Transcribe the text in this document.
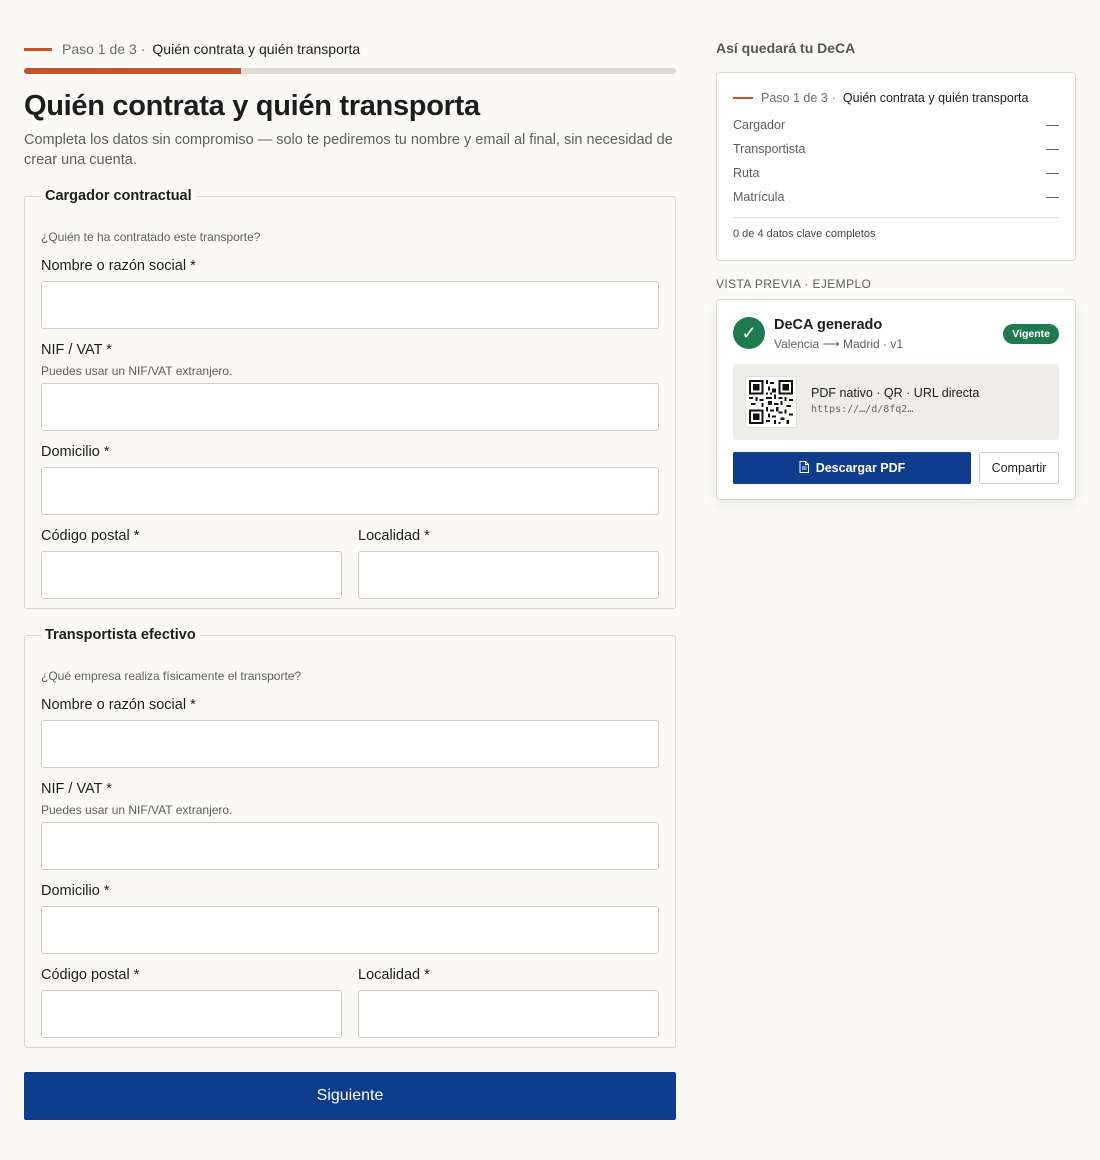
Paso 1 de 3 · Quién contrata y quién transporta
Quién contrata y quién transporta

Completa los datos sin compromiso — solo te pediremos tu nombre y email al final, sin necesidad de crear una cuenta.

Cargador contractual
¿Quién te ha contratado este transporte?
Nombre o razón social *
NIF / VAT *
Puedes usar un NIF/VAT extranjero.
Domicilio *
Código postal *	Localidad *
Transportista efectivo
¿Qué empresa realiza físicamente el transporte?
Nombre o razón social *
NIF / VAT *
Puedes usar un NIF/VAT extranjero.
Domicilio *
Código postal *	Localidad *
Siguiente
Así quedará tu DeCA
Paso 1 de 3 · Quién contrata y quién transporta
Cargador	—
Transportista	—
Ruta	—
Matrícula	—
0 de 4 datos clave completos
VISTA PREVIA · EJEMPLO
✓	DeCA generado
Valencia ⟶ Madrid · v1
Vigente
PDF nativo · QR · URL directa
https://…/d/8fq2…
Descargar PDF	Compartir
